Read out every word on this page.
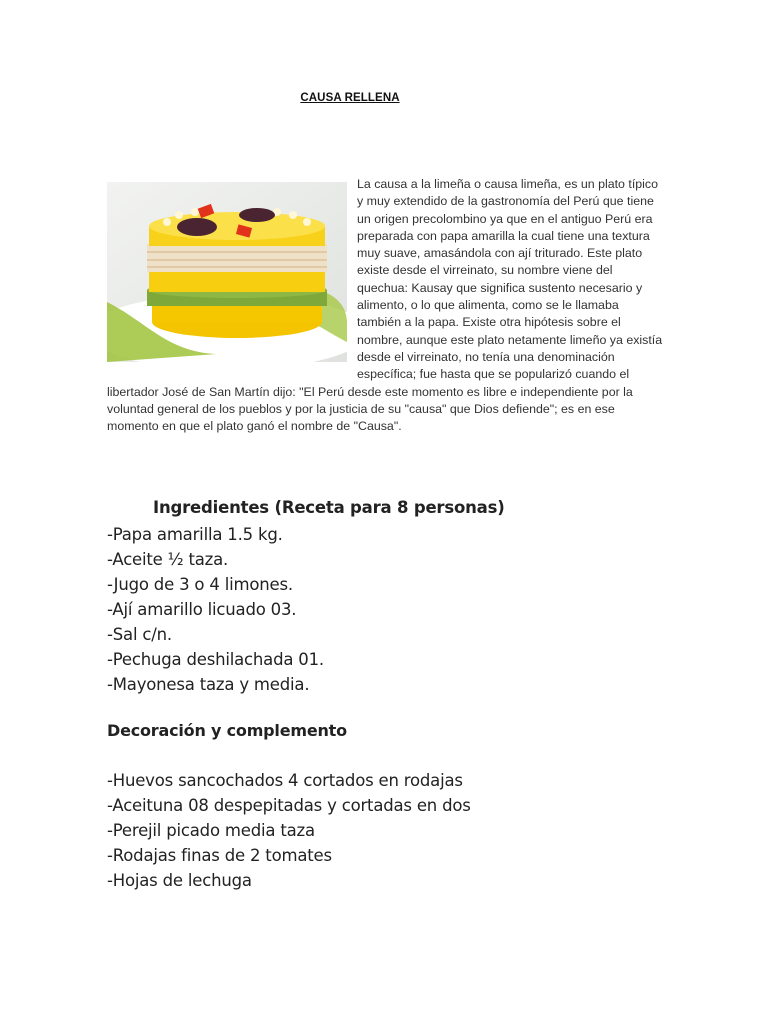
CAUSA RELLENA
La causa a la limeña o causa limeña, es un plato típico y muy extendido de la gastronomía del Perú que tiene un origen precolombino ya que en el antiguo Perú era preparada con papa amarilla la cual tiene una textura muy suave, amasándola con ají triturado. Este plato existe desde el virreinato, su nombre viene del quechua: Kausay que significa sustento necesario y alimento, o lo que alimenta, como se le llamaba también a la papa. Existe otra hipótesis sobre el nombre, aunque este plato netamente limeño ya existía desde el virreinato, no tenía una denominación específica; fue hasta que se popularizó cuando el libertador José de San Martín dijo: "El Perú desde este momento es libre e independiente por la voluntad general de los pueblos y por la justicia de su "causa" que Dios defiende"; es en ese momento en que el plato ganó el nombre de "Causa".
Ingredientes (Receta para 8 personas)
-Papa amarilla 1.5 kg.
-Aceite ½ taza.
-Jugo de 3 o 4 limones.
-Ají amarillo licuado 03.
-Sal c/n.
-Pechuga deshilachada 01.
-Mayonesa taza y media.
Decoración y complemento
-Huevos sancochados 4 cortados en rodajas
-Aceituna 08 despepitadas y cortadas en dos
-Perejil picado media taza
-Rodajas finas de 2 tomates
-Hojas de lechuga
